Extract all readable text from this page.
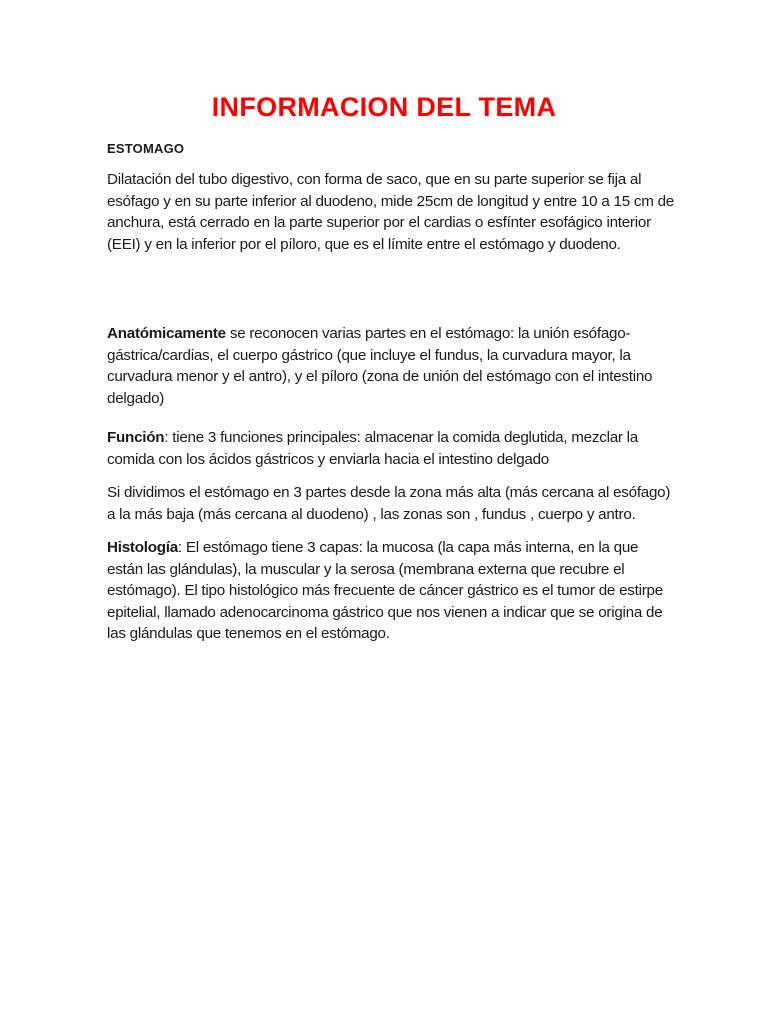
INFORMACION DEL TEMA
ESTOMAGO

Dilatación del tubo digestivo, con forma de saco, que en su parte superior se fija al esófago y en su parte inferior al duodeno, mide 25cm de longitud y entre 10 a 15 cm de anchura, está cerrado en la parte superior por el cardias o esfínter esofágico interior (EEI) y en la inferior por el píloro, que es el límite entre el estómago y duodeno.

Anatómicamente se reconocen varias partes en el estómago: la unión esófago-gástrica/cardias, el cuerpo gástrico (que incluye el fundus, la curvadura mayor, la curvadura menor y el antro), y el píloro (zona de unión del estómago con el intestino delgado)

Función: tiene 3 funciones principales: almacenar la comida deglutida, mezclar la comida con los ácidos gástricos y enviarla hacia el intestino delgado

Si dividimos el estómago en 3 partes desde la zona más alta (más cercana al esófago) a la más baja (más cercana al duodeno) , las zonas son , fundus , cuerpo y antro.

Histología: El estómago tiene 3 capas: la mucosa (la capa más interna, en la que están las glándulas), la muscular y la serosa (membrana externa que recubre el estómago). El tipo histológico más frecuente de cáncer gástrico es el tumor de estirpe epitelial, llamado adenocarcinoma gástrico que nos vienen a indicar que se origina de las glándulas que tenemos en el estómago.
